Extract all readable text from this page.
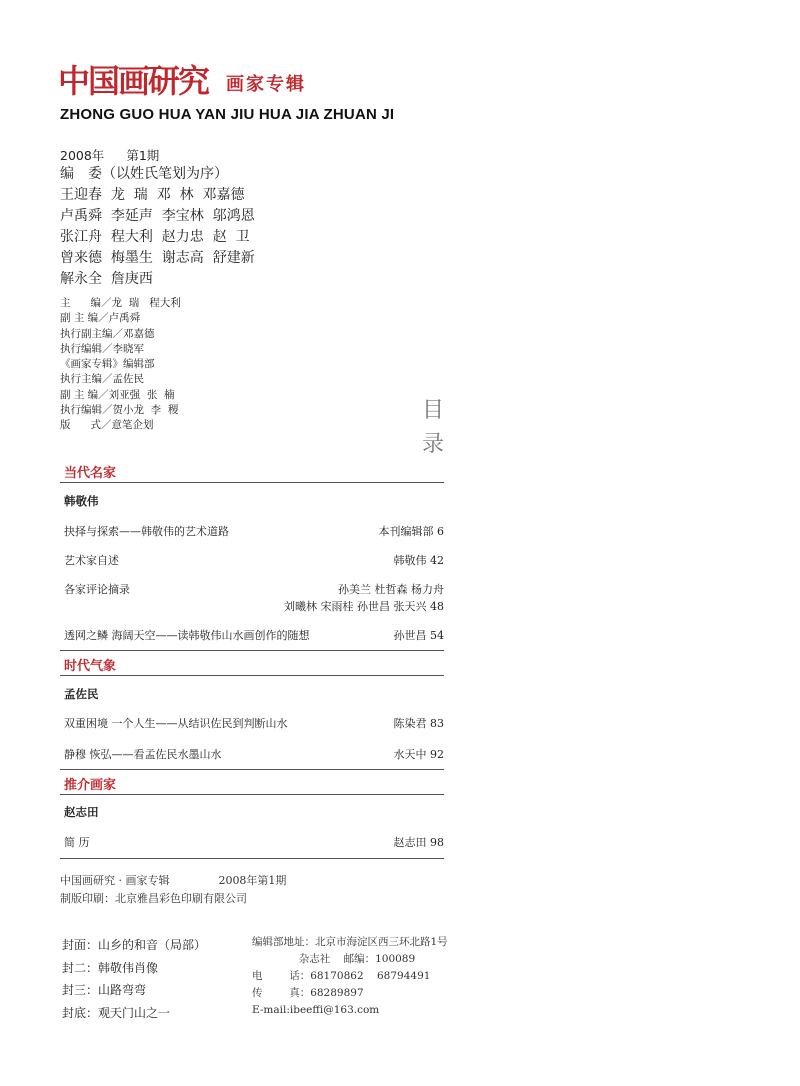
中国画研究 画家专辑
ZHONG GUO HUA YAN JIU HUA JIA ZHUAN JI
2008年 第1期
编　委（以姓氏笔划为序）
王迎春  龙  瑞  邓  林  邓嘉德
卢禹舜  李延声  李宝林  邬鸿恩
张江舟  程大利  赵力忠  赵  卫
曾来德  梅墨生  谢志高  舒建新
解永全  詹庚西
主      编／龙  瑞   程大利
副 主 编／卢禹舜
执行副主编／邓嘉德
执行编辑／李晓军
《画家专辑》编辑部
执行主编／孟佐民
副 主 编／刘亚强  张  楠
执行编辑／贺小龙  李  稷
版      式／意笔企划
目
录
当代名家
韩敬伟
抉择与探索——韩敬伟的艺术道路	本刊编辑部 6
艺术家自述	韩敬伟 42
各家评论摘录	孙美兰 杜哲森 杨力舟
刘曦林 宋雨桂 孙世昌 张天兴 48
透网之鳞 海阔天空——读韩敬伟山水画创作的随想	孙世昌 54
时代气象
孟佐民
双重困境 一个人生——从结识佐民到判断山水	陈染君 83
静穆 恢弘——看孟佐民水墨山水	水天中 92
推介画家
赵志田
简 历	赵志田 98
中国画研究 · 画家专辑              2008年第1期
制版印刷：北京雅昌彩色印刷有限公司
封面：山乡的和音（局部）
封二：韩敬伟肖像
封三：山路弯弯
封底：观天门山之一
编辑部地址：北京市海淀区西三环北路1号
杂志社    邮编：100089
电        话：68170862    68794491
传        真：68289897
E-mail:ibeeffi@163.com
